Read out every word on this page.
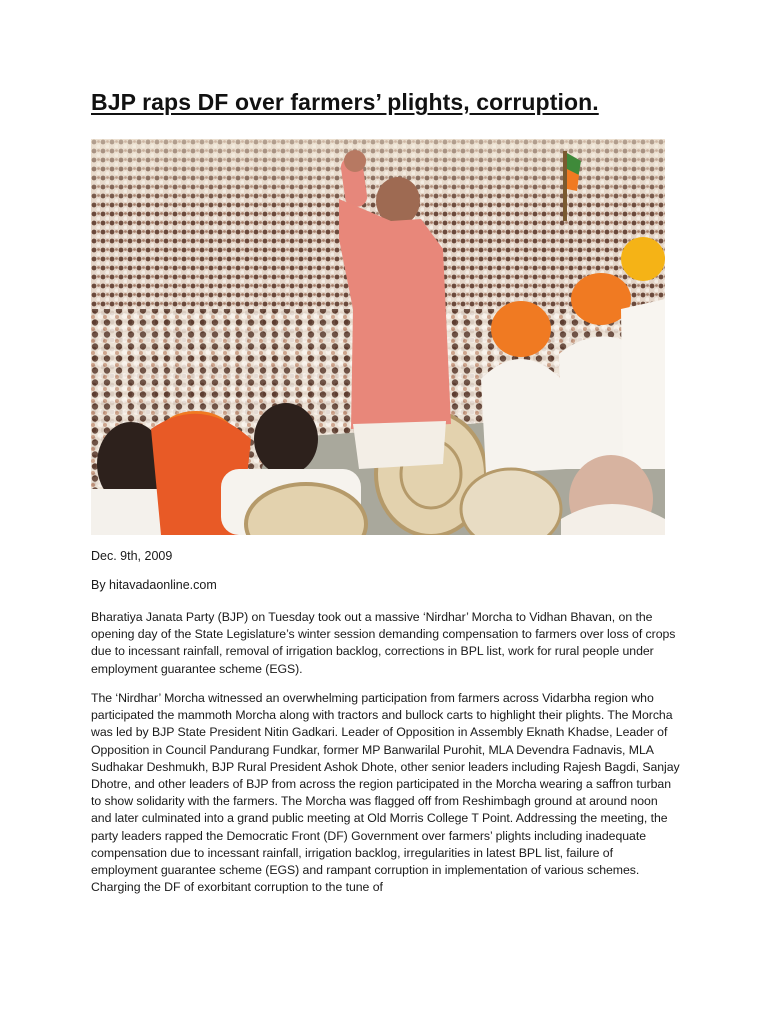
BJP raps DF over farmers’ plights, corruption.

Dec. 9th, 2009

By hitavadaonline.com

Bharatiya Janata Party (BJP) on Tuesday took out a massive ‘Nirdhar’ Morcha to Vidhan Bhavan, on the opening day of the State Legislature’s winter session demanding compensation to farmers over loss of crops due to incessant rainfall, removal of irrigation backlog, corrections in BPL list, work for rural people under employment guarantee scheme (EGS).

The ‘Nirdhar’ Morcha witnessed an overwhelming participation from farmers across Vidarbha region who participated the mammoth Morcha along with tractors and bullock carts to highlight their plights. The Morcha was led by BJP State President Nitin Gadkari. Leader of Opposition in Assembly Eknath Khadse, Leader of Opposition in Council Pandurang Fundkar, former MP Banwarilal Purohit, MLA Devendra Fadnavis, MLA Sudhakar Deshmukh, BJP Rural President Ashok Dhote, other senior leaders including Rajesh Bagdi, Sanjay Dhotre, and other leaders of BJP from across the region participated in the Morcha wearing a saffron turban to show solidarity with the farmers. The Morcha was flagged off from Reshimbagh ground at around noon and later culminated into a grand public meeting at Old Morris College T Point. Addressing the meeting, the party leaders rapped the Democratic Front (DF) Government over farmers’ plights including inadequate compensation due to incessant rainfall, irrigation backlog, irregularities in latest BPL list, failure of employment guarantee scheme (EGS) and rampant corruption in implementation of various schemes. Charging the DF of exorbitant corruption to the tune of
